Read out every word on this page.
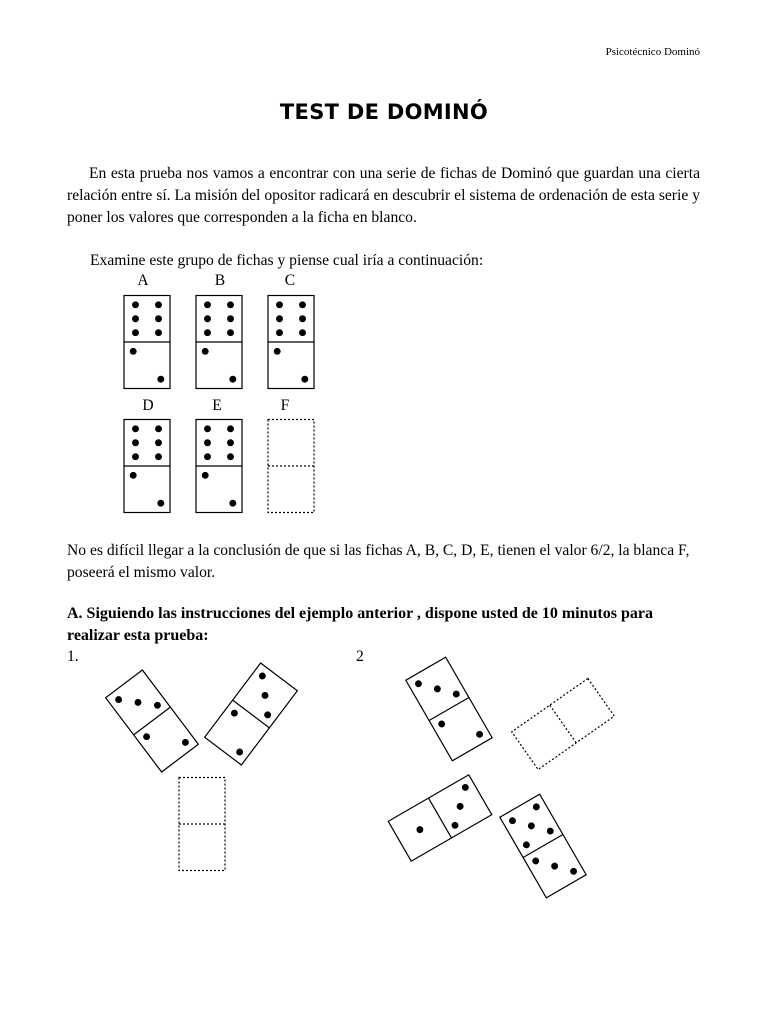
Psicotécnico Dominó
TEST DE DOMINÓ
En esta prueba nos vamos a encontrar con una serie de fichas de Dominó que guardan una cierta relación entre sí. La misión del opositor radicará en descubrir el sistema de ordenación de esta serie y poner los valores que corresponden a la ficha en blanco.
Examine este grupo de fichas y piense cual iría a continuación:
A	B	C
D	E	F
No es difícil llegar a la conclusión de que si las fichas A, B, C, D, E, tienen el valor 6/2, la blanca F, poseerá el mismo valor.
A. Siguiendo las instrucciones del ejemplo anterior , dispone usted de 10 minutos para realizar esta prueba:
1.	2
